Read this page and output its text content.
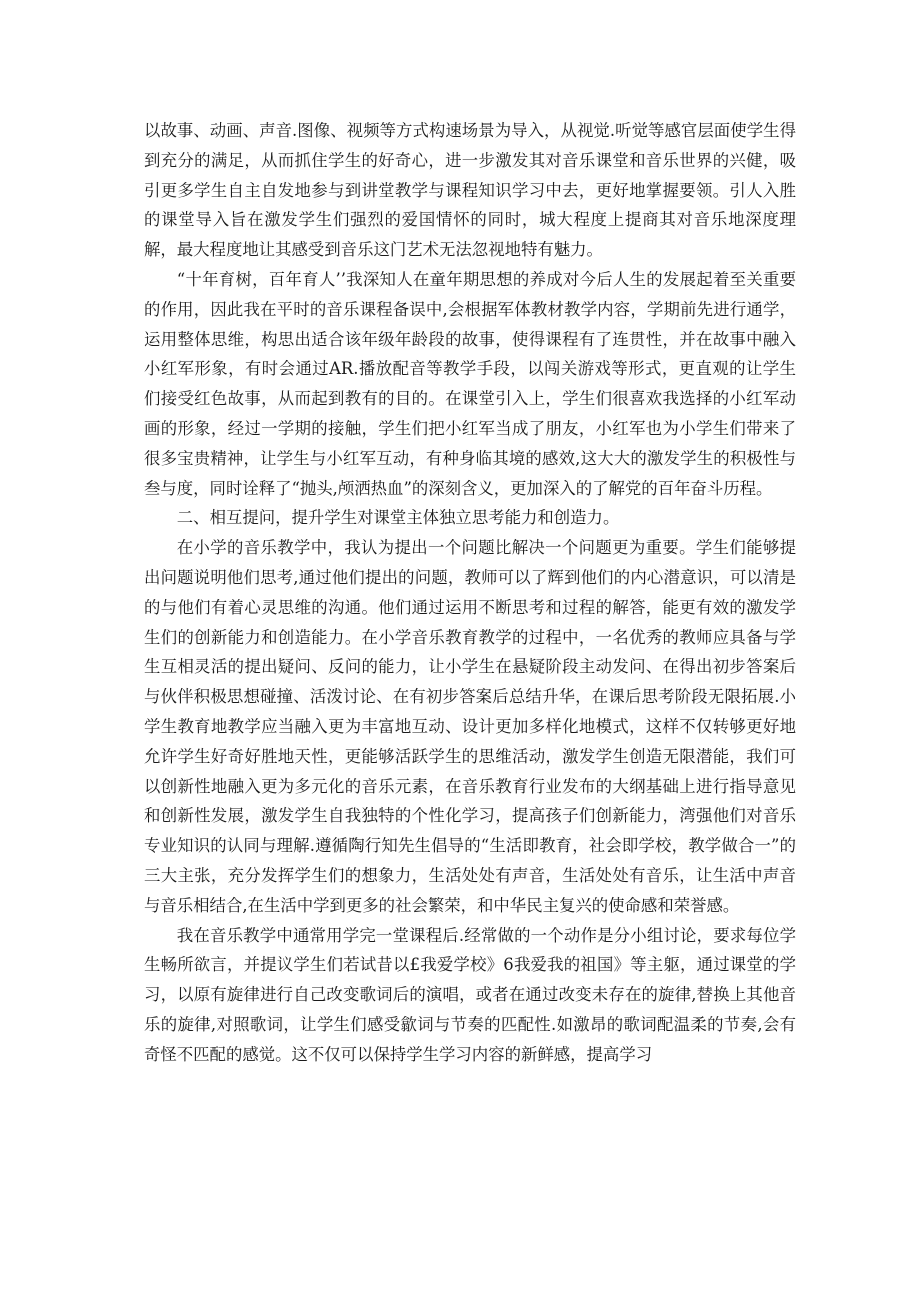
以故事、动画、声音.图像、视频等方式构速场景为导入，从视觉.听觉等感官层面使学生得到充分的满足，从而抓住学生的好奇心，进一步激发其对音乐课堂和音乐世界的兴健，吸引更多学生自主自发地参与到讲堂教学与课程知识学习中去，更好地掌握要领。引人入胜的课堂导入旨在激发学生们强烈的爱国情怀的同时，城大程度上提商其对音乐地深度理解，最大程度地让其感受到音乐这门艺术无法忽视地特有魅力。

“十年育树，百年育人’’我深知人在童年期思想的养成对今后人生的发展起着至关重要的作用，因此我在平时的音乐课程备误中,会根据军体教材教学内容，学期前先进行通学，运用整体思维，构思出适合该年级年龄段的故事，使得课程有了连贯性，并在故事中融入小红军形象，有时会通过AR.播放配音等教学手段，以闯关游戏等形式，更直观的让学生们接受红色故事，从而起到教有的目的。在课堂引入上，学生们很喜欢我选择的小红军动画的形象，经过一学期的接触，学生们把小红军当成了朋友，小红军也为小学生们带来了很多宝贵精神，让学生与小红军互动，有种身临其境的感效,这大大的激发学生的积极性与叁与度，同时诠释了“抛头,颅洒热血”的深刻含义，更加深入的了解党的百年奋斗历程。

二、相互提问，提升学生对课堂主体独立思考能力和创造力。

在小学的音乐教学中，我认为提出一个问题比解决一个问题更为重要。学生们能够提出问题说明他们思考,通过他们提出的问题，教师可以了辉到他们的内心潜意识，可以清是的与他们有着心灵思维的沟通。他们通过运用不断思考和过程的解答，能更有效的激发学生们的创新能力和创造能力。在小学音乐教育教学的过程中，一名优秀的教师应具备与学生互相灵活的提出疑问、反问的能力，让小学生在悬疑阶段主动发问、在得出初步答案后与伙伴积极思想碰撞、活泼讨论、在有初步答案后总结升华，在课后思考阶段无限拓展.小学生教育地教学应当融入更为丰富地互动、设计更加多样化地模式，这样不仅转够更好地允许学生好奇好胜地天性，更能够活跃学生的思维活动，激发学生创造无限潜能，我们可以创新性地融入更为多元化的音乐元素，在音乐教育行业发布的大纲基础上进行指导意见和创新性发展，激发学生自我独特的个性化学习，提高孩子们创新能力，湾强他们对音乐专业知识的认同与理解.遵循陶行知先生倡导的“生活即教育，社会即学校，教学做合一”的三大主张，充分发挥学生们的想象力，生活处处有声音，生活处处有音乐，让生活中声音与音乐相结合,在生活中学到更多的社会繁荣，和中华民主复兴的使命感和荣誉感。

我在音乐教学中通常用学完一堂课程后.经常做的一个动作是分小组讨论，要求每位学生畅所欲言，并提议学生们若试昔以£我爱学校》6我爱我的祖国》等主躯，通过课堂的学习，以原有旋律进行自己改变歌词后的演唱，或者在通过改变未存在的旋律,替换上其他音乐的旋律,对照歌词，让学生们感受歙词与节奏的匹配性.如激昂的歌词配温柔的节奏,会有奇怪不匹配的感觉。这不仅可以保持学生学习内容的新鲜感，提高学习
